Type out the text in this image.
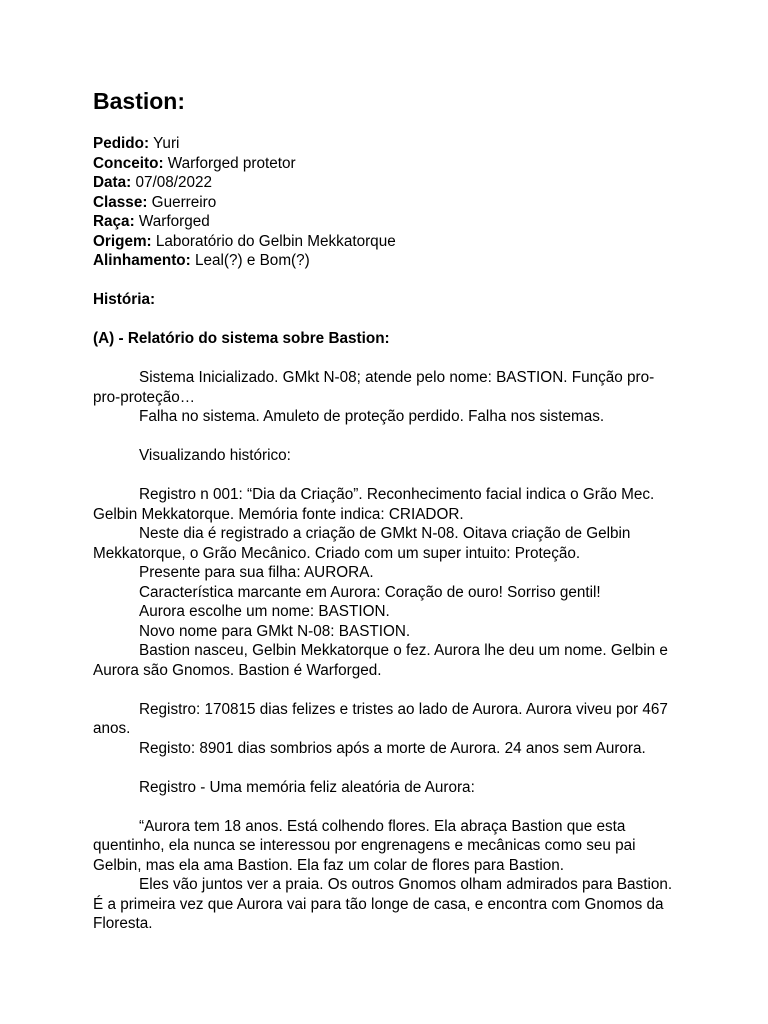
Bastion:

Pedido: Yuri

Conceito: Warforged protetor

Data: 07/08/2022

Classe: Guerreiro

Raça: Warforged

Origem: Laboratório do Gelbin Mekkatorque

Alinhamento: Leal(?) e Bom(?)

História:

(A) - Relatório do sistema sobre Bastion:

Sistema Inicializado. GMkt N-08; atende pelo nome: BASTION. Função pro-pro-proteção…

Falha no sistema. Amuleto de proteção perdido. Falha nos sistemas.

Visualizando histórico:

Registro n 001: “Dia da Criação”. Reconhecimento facial indica o Grão Mec. Gelbin Mekkatorque. Memória fonte indica: CRIADOR.

Neste dia é registrado a criação de GMkt N-08. Oitava criação de Gelbin Mekkatorque, o Grão Mecânico. Criado com um super intuito: Proteção.

Presente para sua filha: AURORA.

Característica marcante em Aurora: Coração de ouro! Sorriso gentil!

Aurora escolhe um nome: BASTION.

Novo nome para GMkt N-08: BASTION.

Bastion nasceu, Gelbin Mekkatorque o fez. Aurora lhe deu um nome. Gelbin e Aurora são Gnomos. Bastion é Warforged.

Registro: 170815 dias felizes e tristes ao lado de Aurora. Aurora viveu por 467 anos.

Registo: 8901 dias sombrios após a morte de Aurora. 24 anos sem Aurora.

Registro - Uma memória feliz aleatória de Aurora:

“Aurora tem 18 anos. Está colhendo flores. Ela abraça Bastion que esta quentinho, ela nunca se interessou por engrenagens e mecânicas como seu pai Gelbin, mas ela ama Bastion. Ela faz um colar de flores para Bastion.

Eles vão juntos ver a praia. Os outros Gnomos olham admirados para Bastion. É a primeira vez que Aurora vai para tão longe de casa, e encontra com Gnomos da Floresta.
